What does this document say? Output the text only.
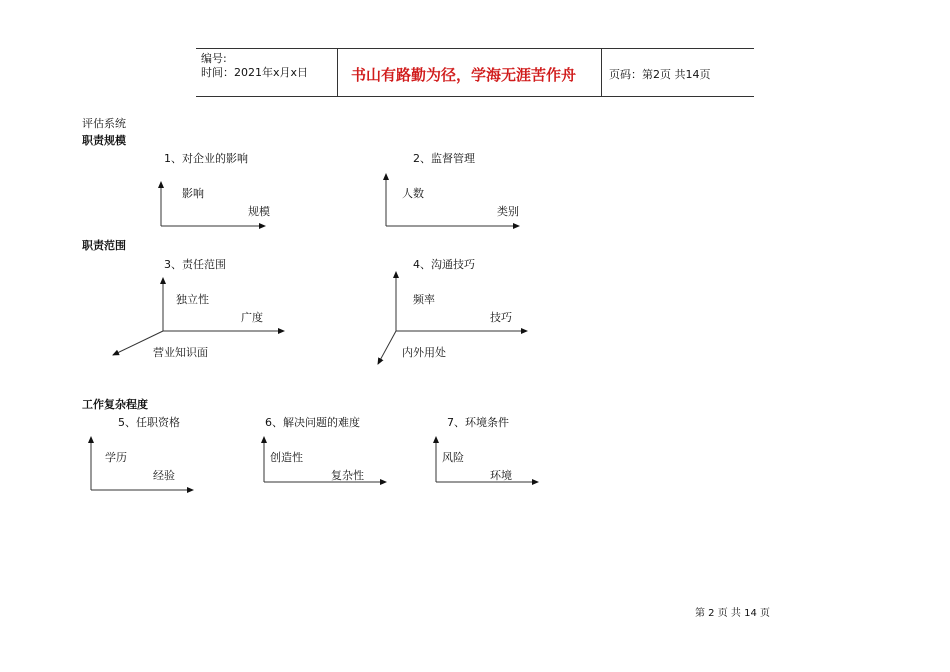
编号:
时间：2021年x月x日	书山有路勤为径，学海无涯苦作舟	页码：第2页 共14页
评估系统
职责规模
职责范围
工作复杂程度
1、对企业的影响
影响
规模
2、监督管理
人数
类别
3、责任范围
独立性
广度
营业知识面
4、沟通技巧
频率
技巧
内外用处
5、任职资格
学历
经验
6、解决问题的难度
创造性
复杂性
7、环境条件
风险
环境
第 2 页 共 14 页
